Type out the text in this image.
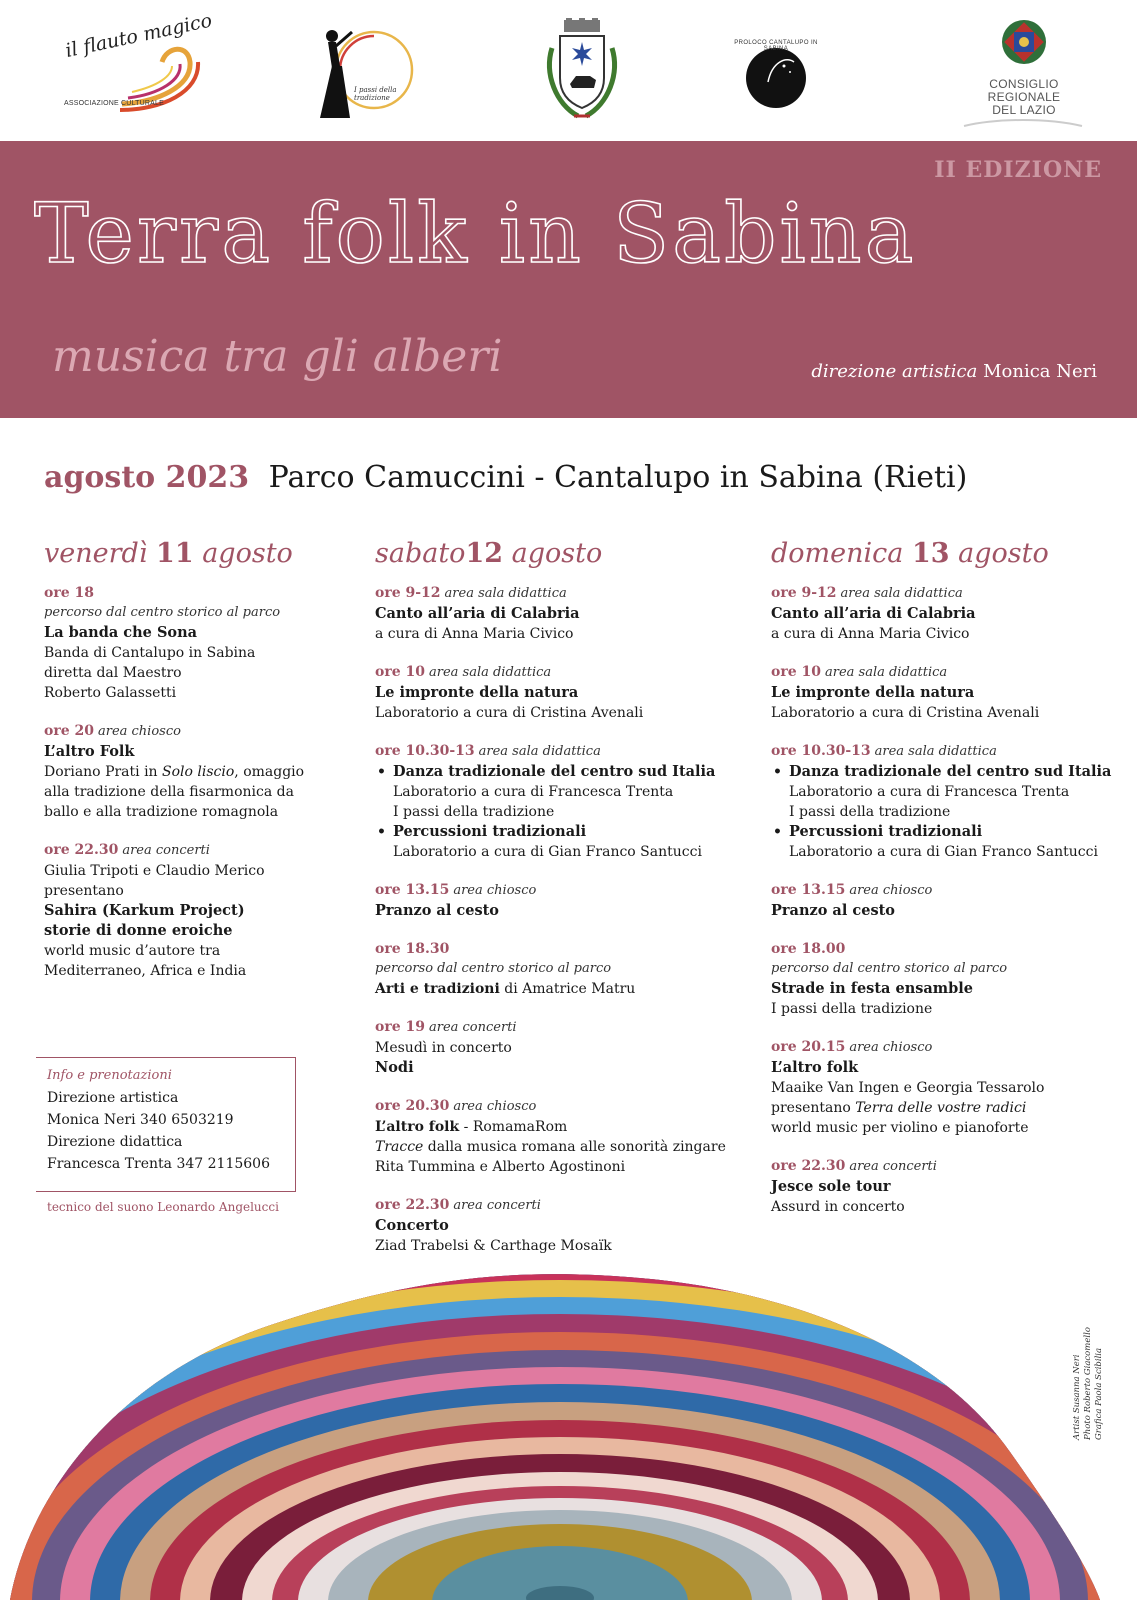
il flauto magico
ASSOCIAZIONE CULTURALE
I passi della tradizione
PROLOCO CANTALUPO IN SABINA
CONSIGLIO
REGIONALE
DEL LAZIO
II EDIZIONE
Terra folk in Sabina
musica tra gli alberi	direzione artistica Monica Neri
agosto 2023 Parco Camuccini - Cantalupo in Sabina (Rieti)
venerdì 11 agosto
ore 18
percorso dal centro storico al parco
La banda che Sona
Banda di Cantalupo in Sabina
diretta dal Maestro
Roberto Galassetti
ore 20 area chiosco
L’altro Folk
Doriano Prati in Solo liscio, omaggio
alla tradizione della fisarmonica da
ballo e alla tradizione romagnola
ore 22.30 area concerti
Giulia Tripoti e Claudio Merico
presentano
Sahira (Karkum Project)
storie di donne eroiche
world music d’autore tra
Mediterraneo, Africa e India
sabato12 agosto
ore 9-12 area sala didattica
Canto all’aria di Calabria
a cura di Anna Maria Civico
ore 10 area sala didattica
Le impronte della natura
Laboratorio a cura di Cristina Avenali
ore 10.30-13 area sala didattica
• Danza tradizionale del centro sud Italia
Laboratorio a cura di Francesca Trenta
I passi della tradizione
• Percussioni tradizionali
Laboratorio a cura di Gian Franco Santucci
ore 13.15 area chiosco
Pranzo al cesto
ore 18.30
percorso dal centro storico al parco
Arti e tradizioni di Amatrice Matru
ore 19 area concerti
Mesudì in concerto
Nodi
ore 20.30 area chiosco
L’altro folk - RomamaRom
Tracce dalla musica romana alle sonorità zingare
Rita Tummina e Alberto Agostinoni
ore 22.30 area concerti
Concerto
Ziad Trabelsi & Carthage Mosaïk
domenica 13 agosto
ore 9-12 area sala didattica
Canto all’aria di Calabria
a cura di Anna Maria Civico
ore 10 area sala didattica
Le impronte della natura
Laboratorio a cura di Cristina Avenali
ore 10.30-13 area sala didattica
• Danza tradizionale del centro sud Italia
Laboratorio a cura di Francesca Trenta
I passi della tradizione
• Percussioni tradizionali
Laboratorio a cura di Gian Franco Santucci
ore 13.15 area chiosco
Pranzo al cesto
ore 18.00
percorso dal centro storico al parco
Strade in festa ensamble
I passi della tradizione
ore 20.15 area chiosco
L’altro folk
Maaike Van Ingen e Georgia Tessarolo
presentano Terra delle vostre radici
world music per violino e pianoforte
ore 22.30 area concerti
Jesce sole tour
Assurd in concerto
Info e prenotazioni
Direzione artistica
Monica Neri 340 6503219
Direzione didattica
Francesca Trenta 347 2115606
tecnico del suono Leonardo Angelucci
Artist Susanna Neri Photo Roberto Giacomello Grafica Paola Scibilia
